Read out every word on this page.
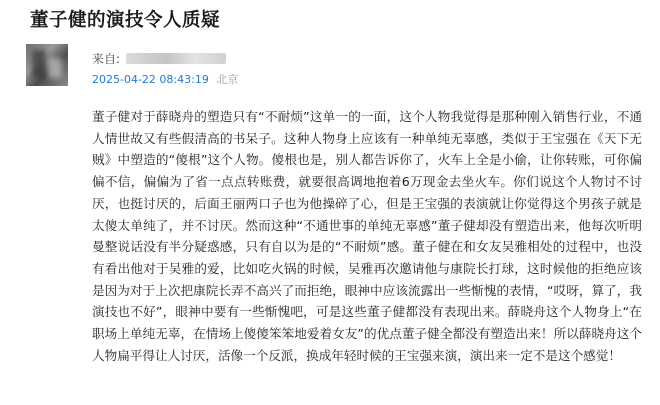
董子健的演技令人质疑
来自:
2025-04-22 08:43:19 北京
董子健对于薛晓舟的塑造只有“不耐烦”这单一的一面，这个人物我觉得是那种刚入销售行业，不通人情世故又有些假清高的书呆子。这种人物身上应该有一种单纯无辜感，类似于王宝强在《天下无贼》中塑造的“傻根”这个人物。傻根也是，别人都告诉你了，火车上全是小偷，让你转账，可你偏偏不信，偏偏为了省一点点转账费，就要很高调地抱着6万现金去坐火车。你们说这个人物讨不讨厌，也挺讨厌的，后面王丽两口子也为他操碎了心，但是王宝强的表演就让你觉得这个男孩子就是太傻太单纯了，并不讨厌。然而这种“不通世事的单纯无辜感”董子健却没有塑造出来，他每次听明曼整说话没有半分疑惑感，只有自以为是的“不耐烦”感。董子健在和女友吴雅相处的过程中，也没有看出他对于吴雅的爱，比如吃火锅的时候，吴雅再次邀请他与康院长打球，这时候他的拒绝应该是因为对于上次把康院长弄不高兴了而拒绝，眼神中应该流露出一些惭愧的表情，“哎呀，算了，我演技也不好”，眼神中要有一些惭愧吧，可是这些董子健都没有表现出来。薛晓舟这个人物身上“在职场上单纯无辜，在情场上傻傻笨笨地爱着女友”的优点董子健全都没有塑造出来！所以薛晓舟这个人物扁平得让人讨厌，活像一个反派，换成年轻时候的王宝强来演，演出来一定不是这个感觉！
